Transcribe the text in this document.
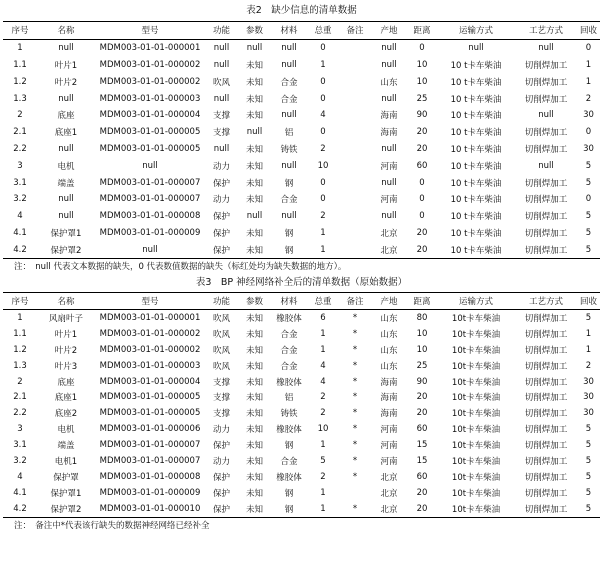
表2　缺少信息的清单数据
序号	名称	型号	功能	参数	材料	总重	备注	产地	距离	运输方式	工艺方式	回收
1	null	MDM003-01-01-000001	null	null	null	0		null	0	null	null	0
1.1	叶片1	MDM003-01-01-000002	null	未知	null	1		null	10	10 t卡车柴油	切削焊加工	1
1.2	叶片2	MDM003-01-01-000002	吹风	未知	合金	0		山东	10	10 t卡车柴油	切削焊加工	1
1.3	null	MDM003-01-01-000003	null	未知	合金	0		null	25	10 t卡车柴油	切削焊加工	2
2	底座	MDM003-01-01-000004	支撑	未知	null	4		海南	90	10 t卡车柴油	null	30
2.1	底座1	MDM003-01-01-000005	支撑	null	铝	0		海南	20	10 t卡车柴油	切削焊加工	0
2.2	null	MDM003-01-01-000005	null	未知	铸铁	2		null	20	10 t卡车柴油	切削焊加工	30
3	电机	null	动力	未知	null	10		河南	60	10 t卡车柴油	null	5
3.1	端盖	MDM003-01-01-000007	保护	未知	钢	0		null	0	10 t卡车柴油	切削焊加工	5
3.2	null	MDM003-01-01-000007	动力	未知	合金	0		河南	0	10 t卡车柴油	切削焊加工	0
4	null	MDM003-01-01-000008	保护	null	null	2		null	0	10 t卡车柴油	切削焊加工	5
4.1	保护罩1	MDM003-01-01-000009	保护	未知	钢	1		北京	20	10 t卡车柴油	切削焊加工	5
4.2	保护罩2	null	保护	未知	钢	1		北京	20	10 t卡车柴油	切削焊加工	5
注：　null 代表文本数据的缺失，0 代表数值数据的缺失（标红处均为缺失数据的地方）。
表3　BP 神经网络补全后的清单数据（原始数据）
序号	名称	型号	功能	参数	材料	总重	备注	产地	距离	运输方式	工艺方式	回收
1	风扇叶子	MDM003-01-01-000001	吹风	未知	橡胶体	6	*	山东	80	10t卡车柴油	切削焊加工	5
1.1	叶片1	MDM003-01-01-000002	吹风	未知	合金	1	*	山东	10	10t卡车柴油	切削焊加工	1
1.2	叶片2	MDM003-01-01-000002	吹风	未知	合金	1	*	山东	10	10t卡车柴油	切削焊加工	1
1.3	叶片3	MDM003-01-01-000003	吹风	未知	合金	4	*	山东	25	10t卡车柴油	切削焊加工	2
2	底座	MDM003-01-01-000004	支撑	未知	橡胶体	4	*	海南	90	10t卡车柴油	切削焊加工	30
2.1	底座1	MDM003-01-01-000005	支撑	未知	铝	2	*	海南	20	10t卡车柴油	切削焊加工	30
2.2	底座2	MDM003-01-01-000005	支撑	未知	铸铁	2	*	海南	20	10t卡车柴油	切削焊加工	30
3	电机	MDM003-01-01-000006	动力	未知	橡胶体	10	*	河南	60	10t卡车柴油	切削焊加工	5
3.1	端盖	MDM003-01-01-000007	保护	未知	钢	1	*	河南	15	10t卡车柴油	切削焊加工	5
3.2	电机1	MDM003-01-01-000007	动力	未知	合金	5	*	河南	15	10t卡车柴油	切削焊加工	5
4	保护罩	MDM003-01-01-000008	保护	未知	橡胶体	2	*	北京	60	10t卡车柴油	切削焊加工	5
4.1	保护罩1	MDM003-01-01-000009	保护	未知	钢	1		北京	20	10t卡车柴油	切削焊加工	5
4.2	保护罩2	MDM003-01-01-000010	保护	未知	钢	1	*	北京	20	10t卡车柴油	切削焊加工	5
注：　备注中*代表该行缺失的数据神经网络已经补全
